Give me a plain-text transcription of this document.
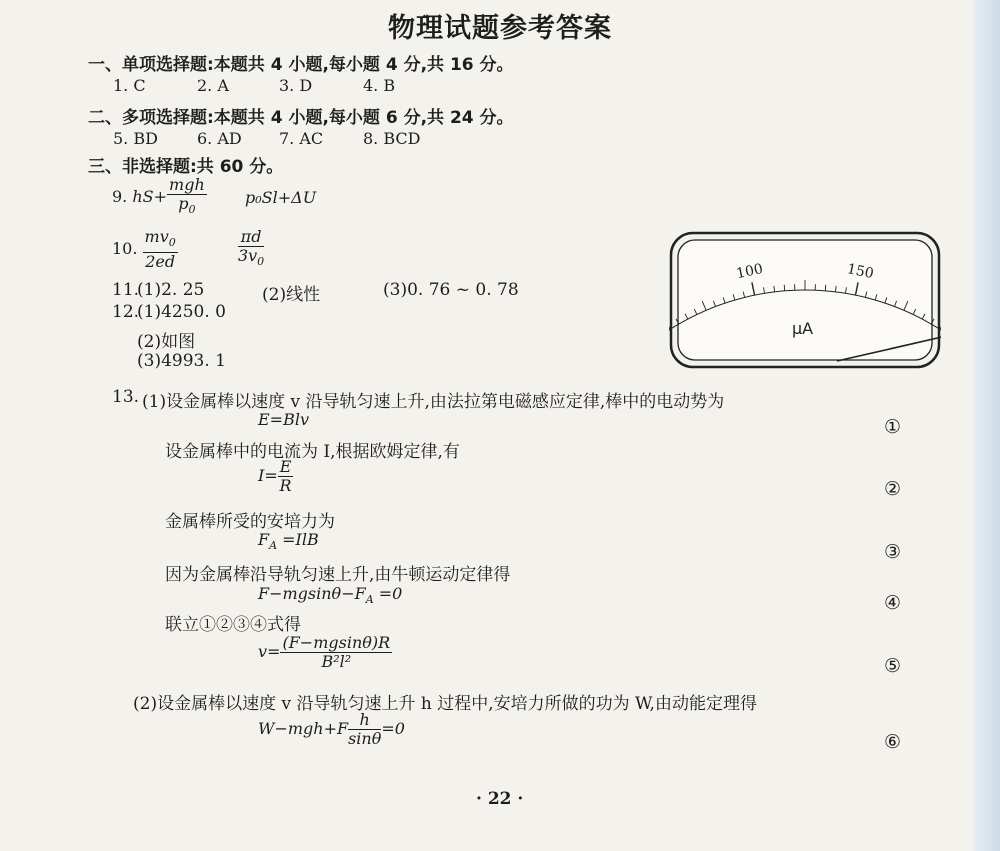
物理试题参考答案
一、单项选择题:本题共 4 小题,每小题 4 分,共 16 分。
1. C	2. A	3. D	4. B
二、多项选择题:本题共 4 小题,每小题 6 分,共 24 分。
5. BD 6. AD 7. AC 8. BCD
三、非选择题:共 60 分。
9. $hS+ \frac{\text{mgh}}{p_0} p_0Sl+\Delta U$
10. $\frac{mv_0}{2ed}$
	$\frac{\pi d}{3v_0}$
11.
(1)2. 25	(2)线性	(3)0. 76 ~ 0. 78
12.
(1)4250. 0
(2)如图
(3)4993. 1
100	150
μA
13. (1)设金属棒以速度 v 沿导轨匀速上升,由法拉第电磁感应定律,棒中的电动势为
E=Blv	①
设金属棒中的电流为 I,根据欧姆定律,有
$I= \frac{E}{R}$	②
金属棒所受的安培力为
$F_A =IlB$
③
因为金属棒沿导轨匀速上升,由牛顿运动定律得
$F-mgsin\theta-F_A =0$	④
联立①②③④式得
$v= \frac{(F-mgsin\theta)R}{\text{B²l²}}$	⑤
(2)设金属棒以速度 v 沿导轨匀速上升 h 过程中,安培力所做的功为 W,由动能定理得
$W-mgh+F \frac{h}{\sin\theta} =0$
⑥
· 22 ·
